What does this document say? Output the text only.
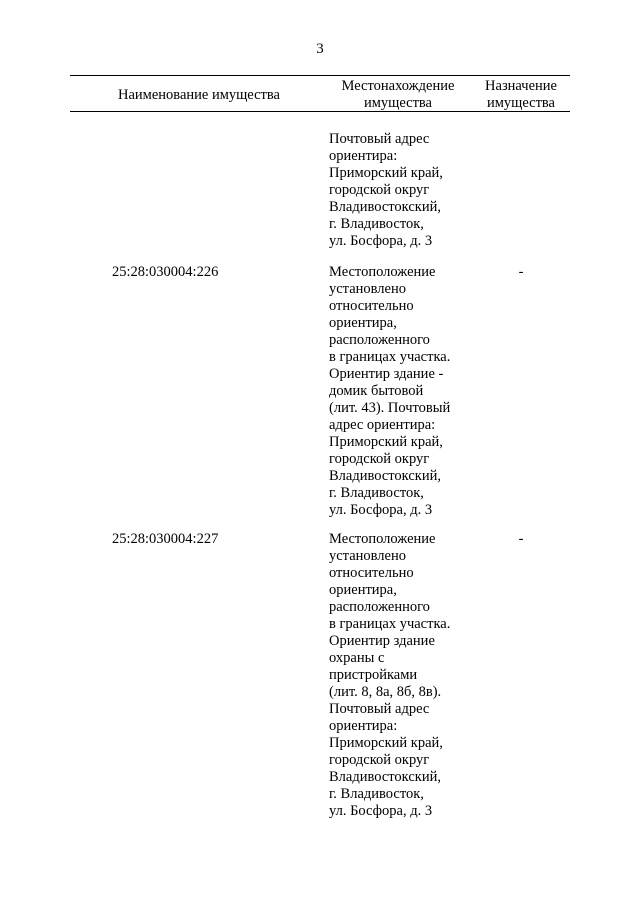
3
Наименование имущества
Местонахождение
имущества
Назначение
имущества
Почтовый адрес
ориентира:
Приморский край,
городской округ
Владивостокский,
г. Владивосток,
ул. Босфора, д. 3
25:28:030004:226	Местоположение
установлено
относительно
ориентира,
расположенного
в границах участка.
Ориентир здание -
домик бытовой
(лит. 43). Почтовый
адрес ориентира:
Приморский край,
городской округ
Владивостокский,
г. Владивосток,
ул. Босфора, д. 3
-
25:28:030004:227	Местоположение
установлено
относительно
ориентира,
расположенного
в границах участка.
Ориентир здание
охраны с
пристройками
(лит. 8, 8а, 8б, 8в).
Почтовый адрес
ориентира:
Приморский край,
городской округ
Владивостокский,
г. Владивосток,
ул. Босфора, д. 3
-
